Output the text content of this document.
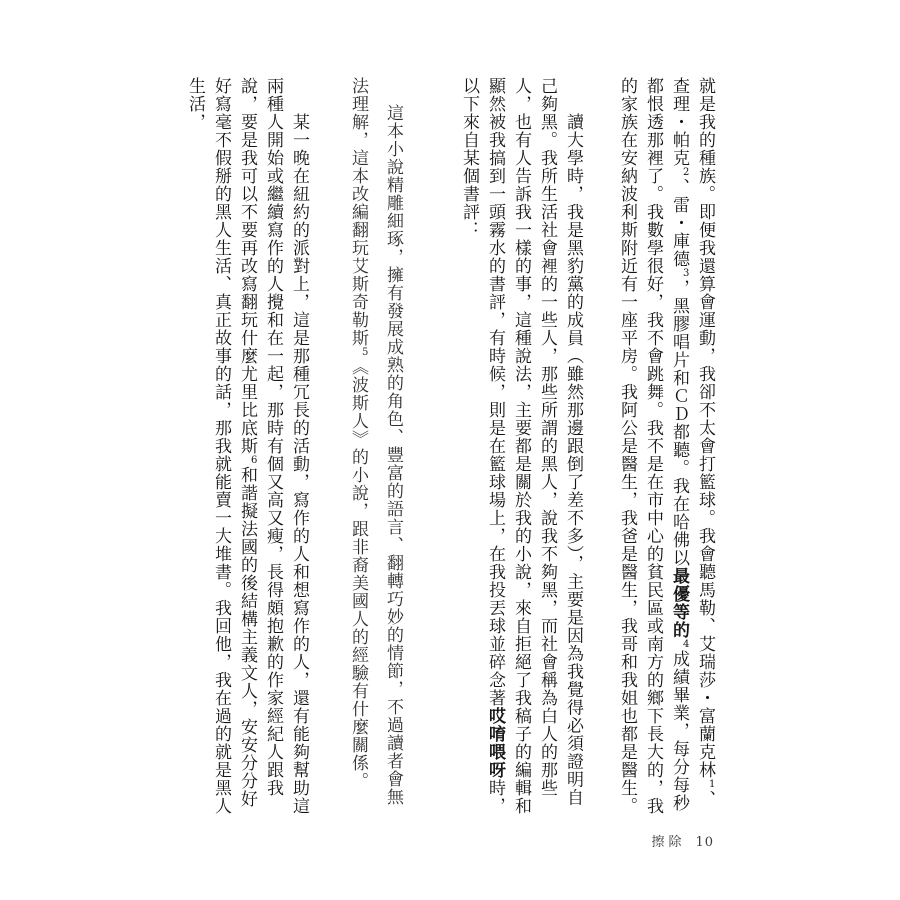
就是我的種族。即便我還算會運動，我卻不太會打籃球。我會聽馬勒、艾瑞莎・富蘭克林$^1$、查理・帕克$^2$、雷・庫德$^3$，黑膠唱片和ＣＤ都聽。我在哈佛以最優等的$^4$成績畢業，每分每秒都恨透那裡了。我數學很好，我不會跳舞。我不是在市中心的貧民區或南方的鄉下長大的，我的家族在安納波利斯附近有一座平房。我阿公是醫生，我爸是醫生，我哥和我姐也都是醫生。

讀大學時，我是黑豹黨的成員（雖然那邊跟倒了差不多），主要是因為我覺得必須證明自己夠黑。我所生活社會裡的一些人，那些所謂的黑人，說我不夠黑，而社會稱為白人的那些人，也有人告訴我一樣的事，這種說法，主要都是關於我的小說，來自拒絕了我稿子的編輯和顯然被我搞到一頭霧水的書評，有時候，則是在籃球場上，在我投丟球並碎念著哎唷喂呀時，以下來自某個書評：

這本小說精雕細琢，擁有發展成熟的角色、豐富的語言、翻轉巧妙的情節，不過讀者會無法理解，這本改編翻玩艾斯奇勒斯$^5$《波斯人》的小說，跟非裔美國人的經驗有什麼關係。

某一晚在紐約的派對上，這是那種冗長的活動，寫作的人和想寫作的人，還有能夠幫助這兩種人開始或繼續寫作的人攪和在一起，那時有個又高又瘦，長得頗抱歉的作家經紀人跟我說，要是我可以不要再改寫翻玩什麼尤里比底斯$^6$和諧擬法國的後結構主義文人，安安分分好好寫毫不假掰的黑人生活、真正故事的話，那我就能賣一大堆書。我回他，我在過的就是黑人生活，

擦除 10
